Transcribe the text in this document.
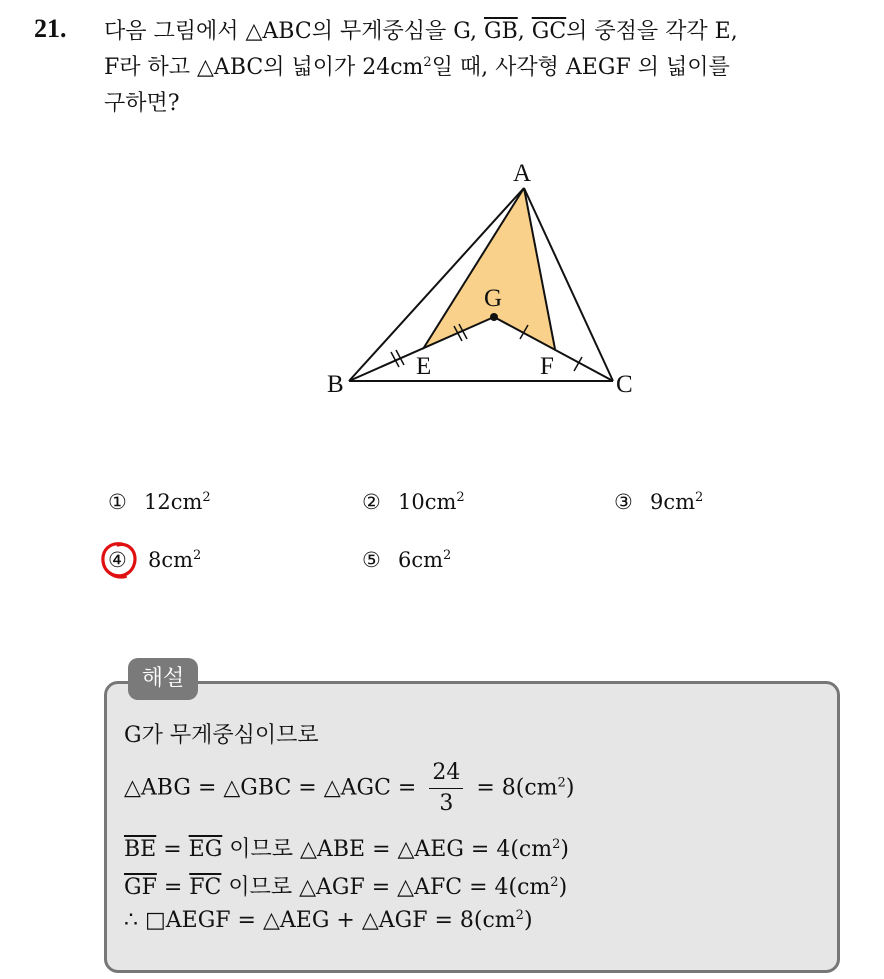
21. 다음 그림에서 △ABC의 무게중심을 G, $\overline{GB}$, $\overline{GC}$의 중점을 각각 E,
F라 하고 △ABC의 넓이가 $24cm^2$일 때, 사각형 AEGF 의 넓이를
구하면?
A
B	C
E	F
G
① $12cm^2$	② $10cm^2$	③ $9cm^2$
④ $8cm^2$	⑤ $6cm^2$
해설
G가 무게중심이므로
△ABG = △GBC = △AGC = $\frac{24}{3} = 8(cm^2)$
$\overline{BE} = \overline{EG}$ 이므로 △ABE = △AEG = $4(cm^2)$
$\overline{GF} = \overline{FC}$ 이므로 △AGF = △AFC = $4(cm^2)$
∴ □AEGF = △AEG + △AGF = $8(cm^2)$
